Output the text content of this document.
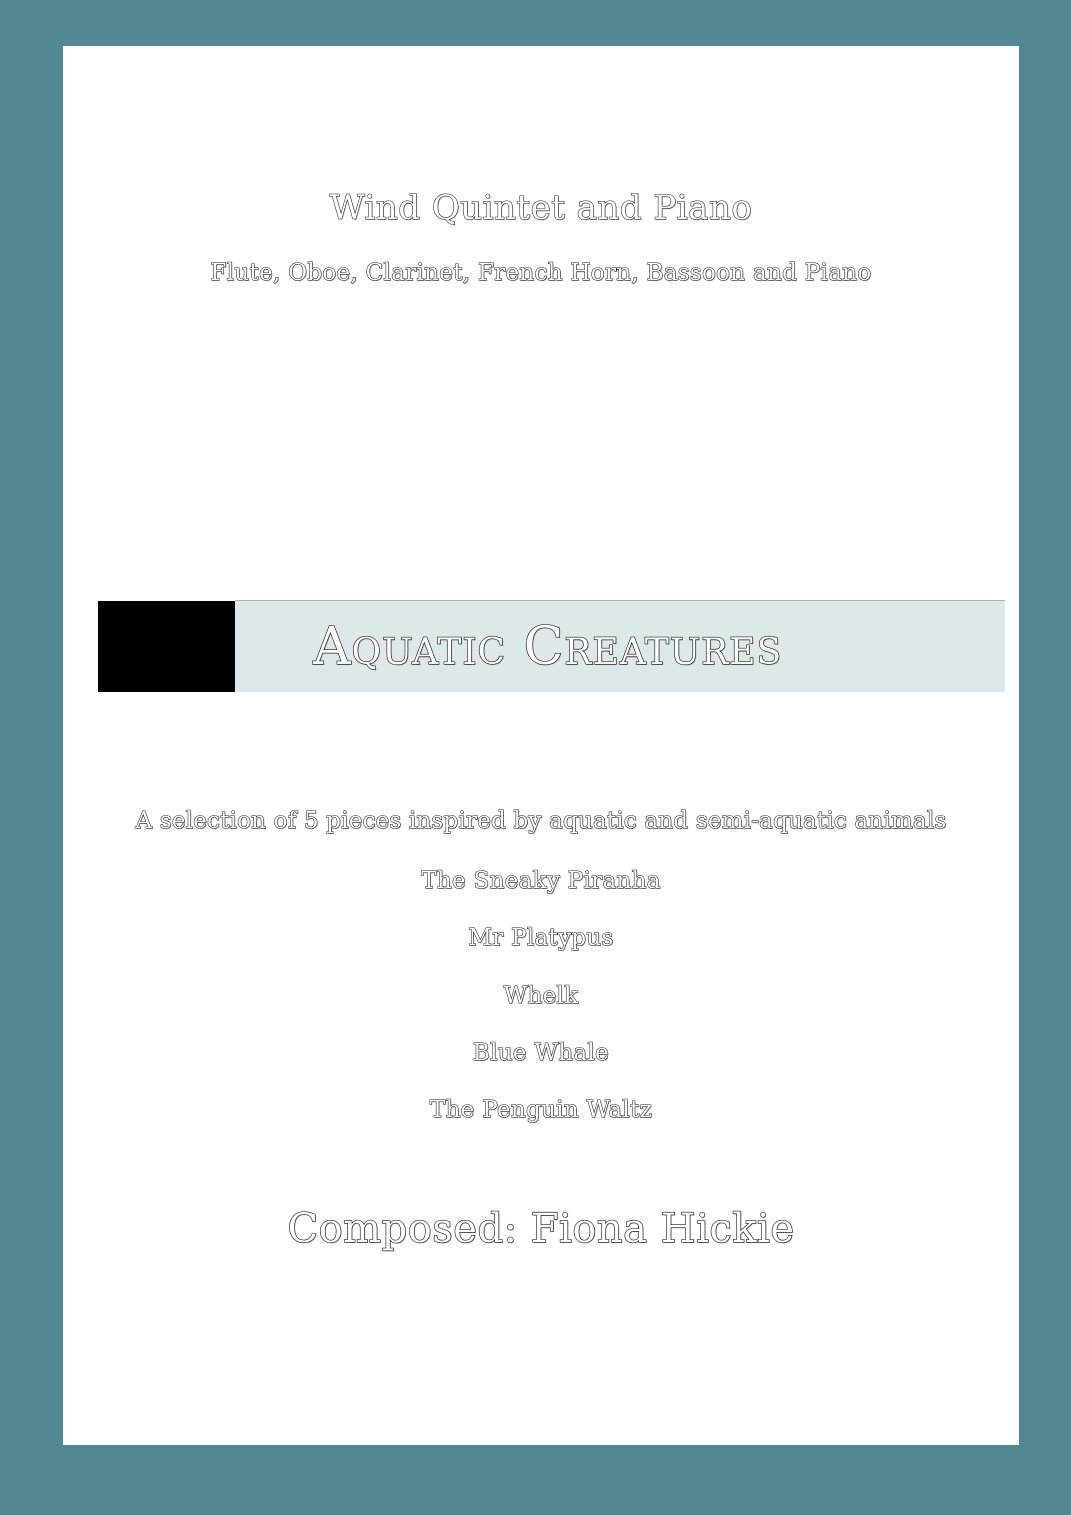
Wind Quintet and Piano

Flute, Oboe, Clarinet, French Horn, Bassoon and Piano

Aquatic Creatures

A selection of 5 pieces inspired by aquatic and semi-aquatic animals

The Sneaky Piranha
Mr Platypus
Whelk
Blue Whale
The Penguin Waltz

Composed: Fiona Hickie
